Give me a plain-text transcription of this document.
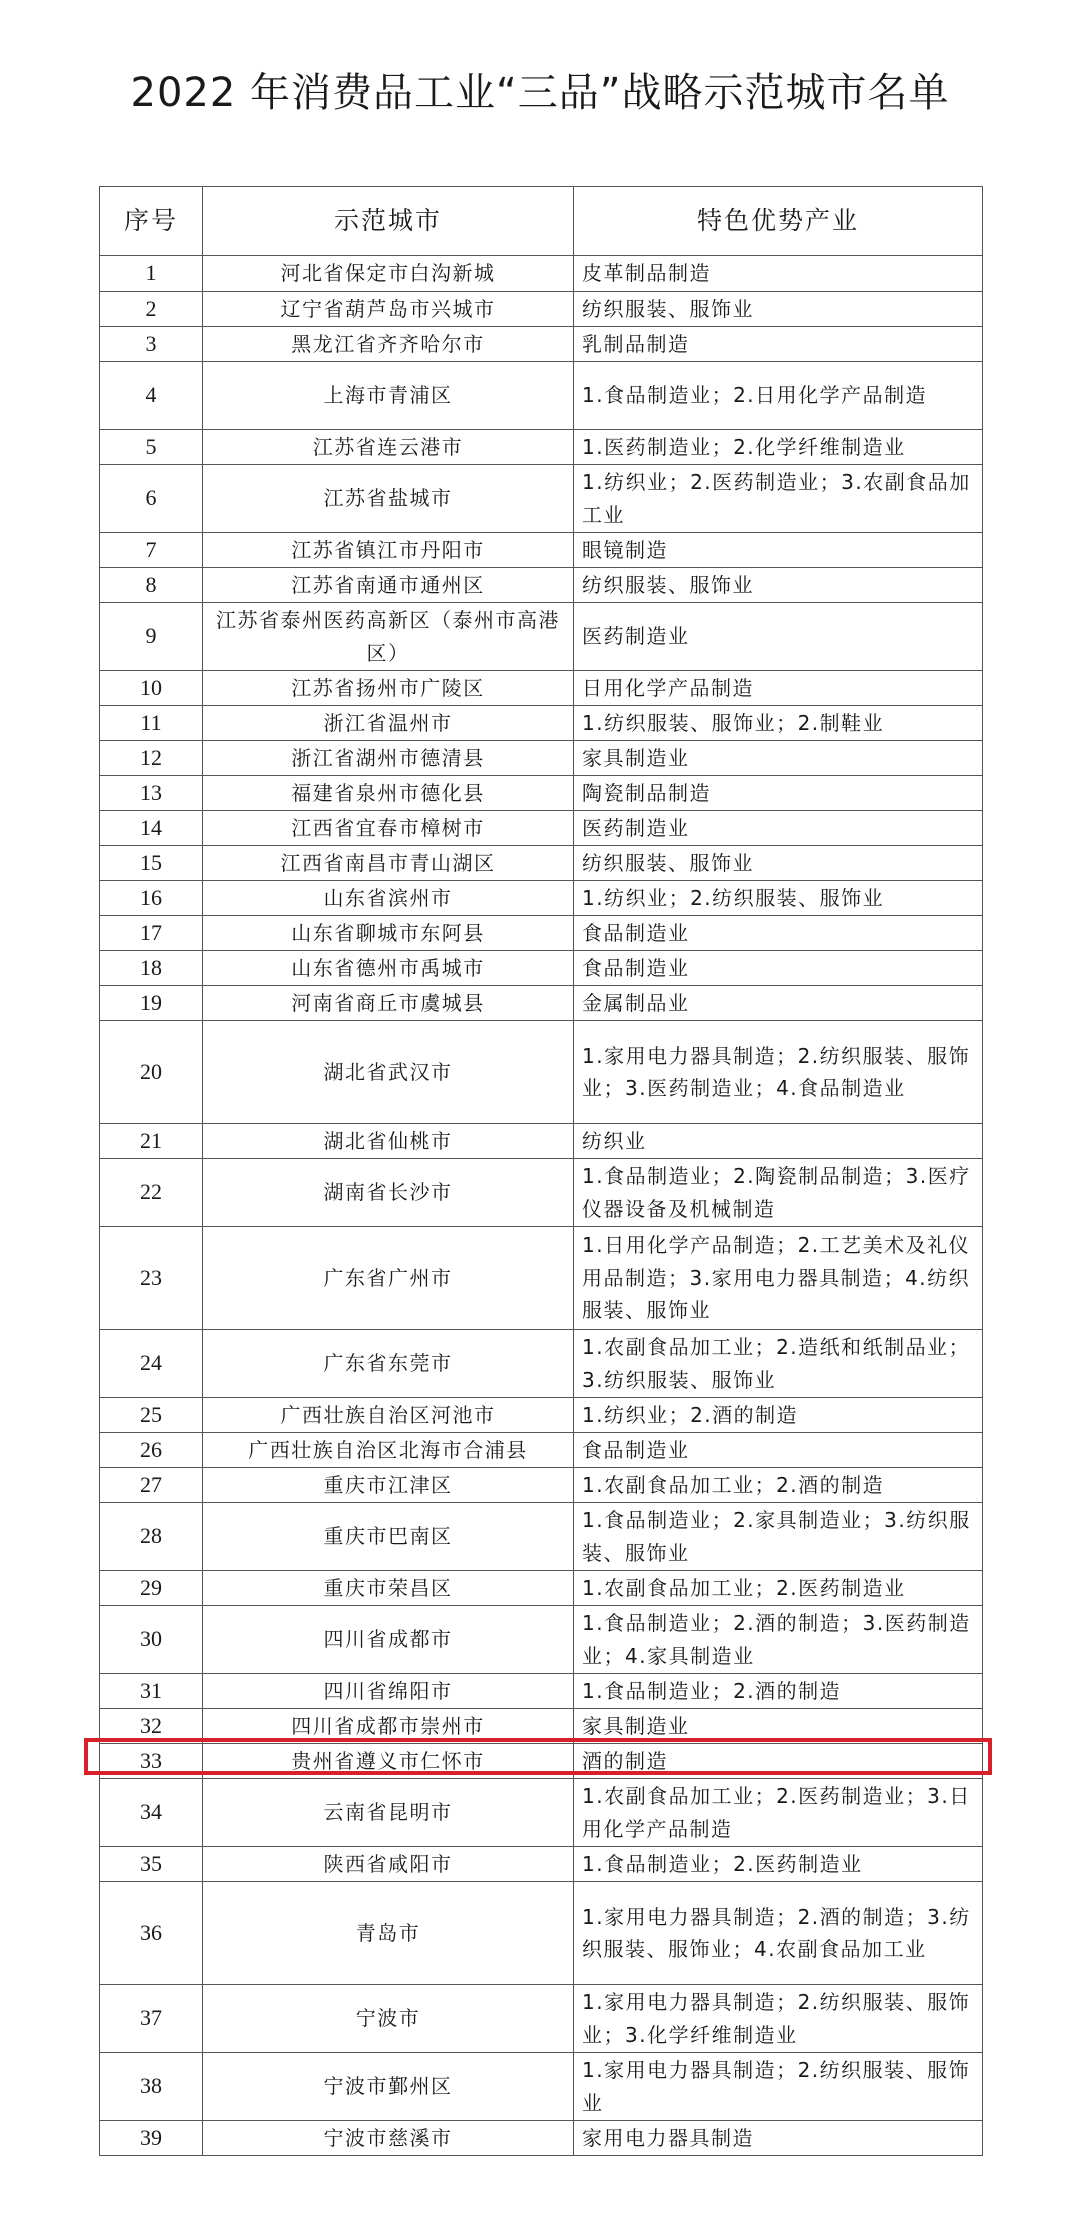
2022 年消费品工业“三品”战略示范城市名单
序号	示范城市	特色优势产业
1	河北省保定市白沟新城	皮革制品制造
2	辽宁省葫芦岛市兴城市	纺织服装、服饰业
3	黑龙江省齐齐哈尔市	乳制品制造
4	上海市青浦区	1.食品制造业；2.日用化学产品制造
5	江苏省连云港市	1.医药制造业；2.化学纤维制造业
6	江苏省盐城市	1.纺织业；2.医药制造业；3.农副食品加工业
7	江苏省镇江市丹阳市	眼镜制造
8	江苏省南通市通州区	纺织服装、服饰业
9	江苏省泰州医药高新区（泰州市高港区）	医药制造业
10	江苏省扬州市广陵区	日用化学产品制造
11	浙江省温州市	1.纺织服装、服饰业；2.制鞋业
12	浙江省湖州市德清县	家具制造业
13	福建省泉州市德化县	陶瓷制品制造
14	江西省宜春市樟树市	医药制造业
15	江西省南昌市青山湖区	纺织服装、服饰业
16	山东省滨州市	1.纺织业；2.纺织服装、服饰业
17	山东省聊城市东阿县	食品制造业
18	山东省德州市禹城市	食品制造业
19	河南省商丘市虞城县	金属制品业
20	湖北省武汉市	1.家用电力器具制造；2.纺织服装、服饰业；3.医药制造业；4.食品制造业
21	湖北省仙桃市	纺织业
22	湖南省长沙市	1.食品制造业；2.陶瓷制品制造；3.医疗仪器设备及机械制造
23	广东省广州市	1.日用化学产品制造；2.工艺美术及礼仪用品制造；3.家用电力器具制造；4.纺织服装、服饰业
24	广东省东莞市	1.农副食品加工业；2.造纸和纸制品业；3.纺织服装、服饰业
25	广西壮族自治区河池市	1.纺织业；2.酒的制造
26	广西壮族自治区北海市合浦县	食品制造业
27	重庆市江津区	1.农副食品加工业；2.酒的制造
28	重庆市巴南区	1.食品制造业；2.家具制造业；3.纺织服装、服饰业
29	重庆市荣昌区	1.农副食品加工业；2.医药制造业
30	四川省成都市	1.食品制造业；2.酒的制造；3.医药制造业；4.家具制造业
31	四川省绵阳市	1.食品制造业；2.酒的制造
32	四川省成都市崇州市	家具制造业
33	贵州省遵义市仁怀市	酒的制造
34	云南省昆明市	1.农副食品加工业；2.医药制造业；3.日用化学产品制造
35	陕西省咸阳市	1.食品制造业；2.医药制造业
36	青岛市	1.家用电力器具制造；2.酒的制造；3.纺织服装、服饰业；4.农副食品加工业
37	宁波市	1.家用电力器具制造；2.纺织服装、服饰业；3.化学纤维制造业
38	宁波市鄞州区	1.家用电力器具制造；2.纺织服装、服饰业
39	宁波市慈溪市	家用电力器具制造
